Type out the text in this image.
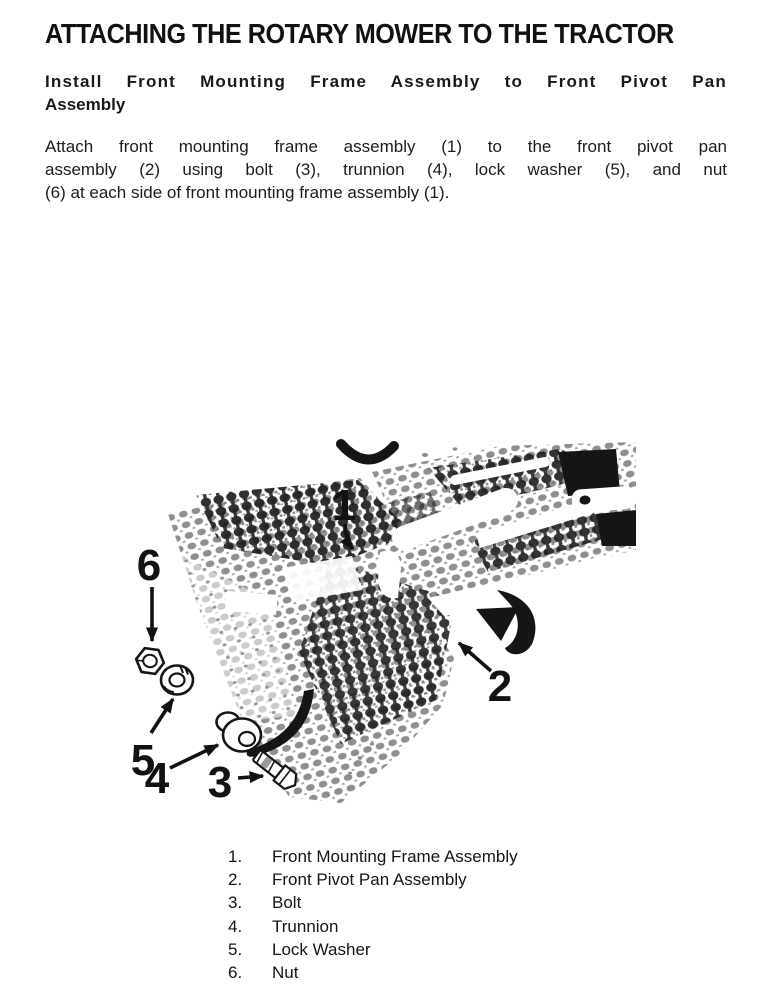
ATTACHING THE ROTARY MOWER TO THE TRACTOR
Install Front Mounting Frame Assembly to Front Pivot Pan
Assembly
Attach front mounting frame assembly (1) to the front pivot pan
assembly (2) using bolt (3), trunnion (4), lock washer (5), and nut
(6) at each side of front mounting frame assembly (1).
1
2
3
4
5
6
1.	Front Mounting Frame Assembly
2.	Front Pivot Pan Assembly
3.	Bolt
4.	Trunnion
5.	Lock Washer
6.	Nut
